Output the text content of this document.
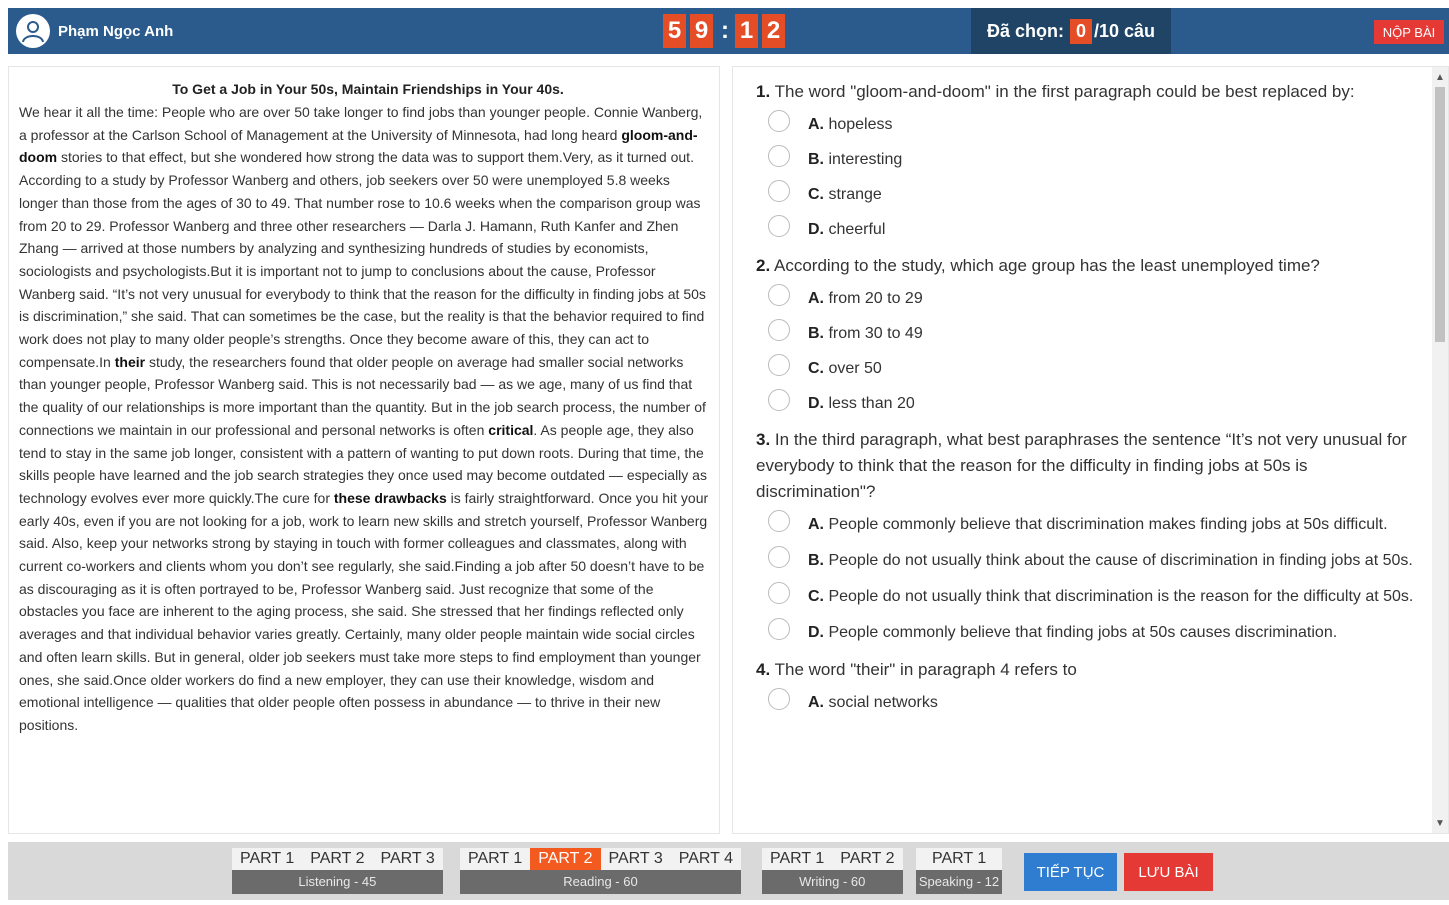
Phạm Ngọc Anh	5 9 : 1 2	Đã chọn: 0 /10 câu	NỘP BÀI
To Get a Job in Your 50s, Maintain Friendships in Your 40s.
We hear it all the time: People who are over 50 take longer to find jobs than younger people. Connie Wanberg, a professor at the Carlson School of Management at the University of Minnesota, had long heard gloom-and-doom stories to that effect, but she wondered how strong the data was to support them.Very, as it turned out. According to a study by Professor Wanberg and others, job seekers over 50 were unemployed 5.8 weeks longer than those from the ages of 30 to 49. That number rose to 10.6 weeks when the comparison group was from 20 to 29. Professor Wanberg and three other researchers — Darla J. Hamann, Ruth Kanfer and Zhen Zhang — arrived at those numbers by analyzing and synthesizing hundreds of studies by economists, sociologists and psychologists.But it is important not to jump to conclusions about the cause, Professor Wanberg said. “It’s not very unusual for everybody to think that the reason for the difficulty in finding jobs at 50s is discrimination,” she said. That can sometimes be the case, but the reality is that the behavior required to find work does not play to many older people’s strengths. Once they become aware of this, they can act to compensate.In their study, the researchers found that older people on average had smaller social networks than younger people, Professor Wanberg said. This is not necessarily bad — as we age, many of us find that the quality of our relationships is more important than the quantity. But in the job search process, the number of connections we maintain in our professional and personal networks is often critical. As people age, they also tend to stay in the same job longer, consistent with a pattern of wanting to put down roots. During that time, the skills people have learned and the job search strategies they once used may become outdated — especially as technology evolves ever more quickly.The cure for these drawbacks is fairly straightforward. Once you hit your early 40s, even if you are not looking for a job, work to learn new skills and stretch yourself, Professor Wanberg said. Also, keep your networks strong by staying in touch with former colleagues and classmates, along with current co-workers and clients whom you don’t see regularly, she said.Finding a job after 50 doesn’t have to be as discouraging as it is often portrayed to be, Professor Wanberg said. Just recognize that some of the obstacles you face are inherent to the aging process, she said. She stressed that her findings reflected only averages and that individual behavior varies greatly. Certainly, many older people maintain wide social circles and often learn skills. But in general, older job seekers must take more steps to find employment than younger ones, she said.Once older workers do find a new employer, they can use their knowledge, wisdom and emotional intelligence — qualities that older people often possess in abundance — to thrive in their new positions.
1. The word "gloom-and-doom" in the first paragraph could be best replaced by:
A. hopeless
B. interesting
C. strange
D. cheerful
2. According to the study, which age group has the least unemployed time?
A. from 20 to 29
B. from 30 to 49
C. over 50
D. less than 20
3. In the third paragraph, what best paraphrases the sentence “It’s not very unusual for everybody to think that the reason for the difficulty in finding jobs at 50s is discrimination"?
A. People commonly believe that discrimination makes finding jobs at 50s difficult.
B. People do not usually think about the cause of discrimination in finding jobs at 50s.
C. People do not usually think that discrimination is the reason for the difficulty at 50s.
D. People commonly believe that finding jobs at 50s causes discrimination.
4. The word "their" in paragraph 4 refers to
A. social networks
▲
▼
PART 1	PART 2	PART 3
Listening - 45
PART 1	PART 2	PART 3	PART 4
Reading - 60
PART 1	PART 2
Writing - 60
PART 1
Speaking - 12
TIẾP TỤC	LƯU BÀI
